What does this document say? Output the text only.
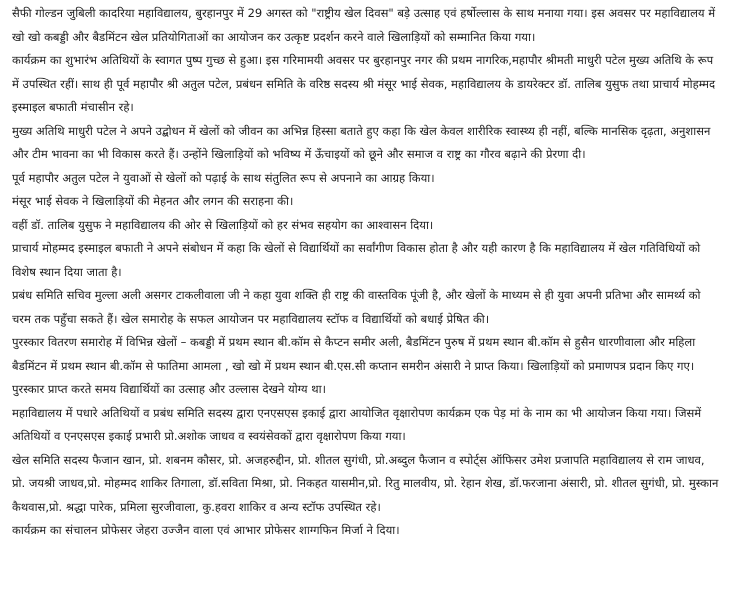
सैफी गोल्डन जुबिली कादरिया महाविद्यालय, बुरहानपुर में 29 अगस्त को "राष्ट्रीय खेल दिवस" बड़े उत्साह एवं हर्षोल्लास के साथ मनाया गया। इस अवसर पर महाविद्यालय में खो खो कबड्डी और बैडमिंटन खेल प्रतियोगिताओं का आयोजन कर उत्कृष्ट प्रदर्शन करने वाले खिलाड़ियों को सम्मानित किया गया।

कार्यक्रम का शुभारंभ अतिथियों के स्वागत पुष्प गुच्छ से हुआ। इस गरिमामयी अवसर पर बुरहानपुर नगर की प्रथम नागरिक,महापौर श्रीमती माधुरी पटेल मुख्य अतिथि के रूप में उपस्थित रहीं। साथ ही पूर्व महापौर श्री अतुल पटेल, प्रबंधन समिति के वरिष्ठ सदस्य श्री मंसूर भाई सेवक, महाविद्यालय के डायरेक्टर डॉ. तालिब युसुफ तथा प्राचार्य मोहम्मद इस्माइल बफाती मंचासीन रहे।

मुख्य अतिथि माधुरी पटेल ने अपने उद्बोधन में खेलों को जीवन का अभिन्न हिस्सा बताते हुए कहा कि खेल केवल शारीरिक स्वास्थ्य ही नहीं, बल्कि मानसिक दृढ़ता, अनुशासन और टीम भावना का भी विकास करते हैं। उन्होंने खिलाड़ियों को भविष्य में ऊँचाइयों को छूने और समाज व राष्ट्र का गौरव बढ़ाने की प्रेरणा दी।

पूर्व महापौर अतुल पटेल ने युवाओं से खेलों को पढ़ाई के साथ संतुलित रूप से अपनाने का आग्रह किया।

मंसूर भाई सेवक ने खिलाड़ियों की मेहनत और लगन की सराहना की।

वहीं डॉ. तालिब युसुफ ने महाविद्यालय की ओर से खिलाड़ियों को हर संभव सहयोग का आश्वासन दिया।

प्राचार्य मोहम्मद इस्माइल बफाती ने अपने संबोधन में कहा कि खेलों से विद्यार्थियों का सर्वांगीण विकास होता है और यही कारण है कि महाविद्यालय में खेल गतिविधियों को विशेष स्थान दिया जाता है।

प्रबंध समिति सचिव मुल्ला अली असगर टाकलीवाला जी ने कहा युवा शक्ति ही राष्ट्र की वास्तविक पूंजी है, और खेलों के माध्यम से ही युवा अपनी प्रतिभा और सामर्थ्य को चरम तक पहुँचा सकते हैं। खेल समारोह के सफल आयोजन पर महाविद्यालय स्टॉफ व विद्यार्थियों को बधाई प्रेषित की।

पुरस्कार वितरण समारोह में विभिन्न खेलों – कबड्डी में प्रथम स्थान बी.कॉम से कैप्टन समीर अली, बैडमिंटन पुरुष में प्रथम स्थान बी.कॉम से हुसैन धारणीवाला और महिला बैडमिंटन में प्रथम स्थान बी.कॉम से फातिमा आमला , खो खो में प्रथम स्थान बी.एस.सी कप्तान समरीन अंसारी ने प्राप्त किया। खिलाड़ियों को प्रमाणपत्र प्रदान किए गए। पुरस्कार प्राप्त करते समय विद्यार्थियों का उत्साह और उल्लास देखने योग्य था।

महाविद्यालय में पधारे अतिथियों व प्रबंध समिति सदस्य द्वारा एनएसएस इकाई द्वारा आयोजित वृक्षारोपण कार्यक्रम एक पेड़ मां के नाम का भी आयोजन किया गया। जिसमें अतिथियों व एनएसएस इकाई प्रभारी प्रो.अशोक जाधव व स्वयंसेवकों द्वारा वृक्षारोपण किया गया।

खेल समिति सदस्य फैजान खान, प्रो. शबनम कौसर, प्रो. अजहरुद्दीन, प्रो. शीतल सुगंधी, प्रो.अब्दुल फैजान व स्पोर्ट्स ऑफिसर उमेश प्रजापति महाविद्यालय से राम जाधव, प्रो. जयश्री जाधव,प्रो. मोहम्मद शाकिर तिगाला, डॉ.सविता मिश्रा, प्रो. निकहत यासमीन,प्रो. रितु मालवीय, प्रो. रेहान शेख, डॉ.फरजाना अंसारी, प्रो. शीतल सुगंधी, प्रो. मुस्कान कैथवास,प्रो. श्रद्धा पारेक, प्रमिला सुरजीवाला, कु.हवरा शाकिर व अन्य स्टॉफ उपस्थित रहे।

कार्यक्रम का संचालन प्रोफेसर जेहरा उज्जैन वाला एवं आभार प्रोफेसर शाग्गफिन मिर्जा ने दिया।
